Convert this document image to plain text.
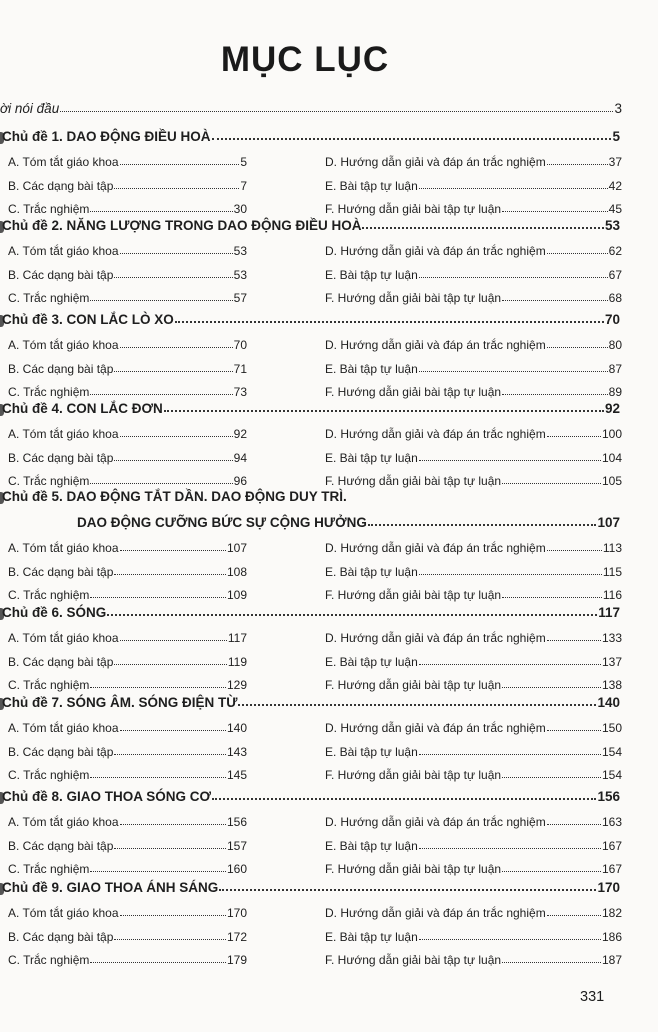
MỤC LỤC
ời nói đầu	3
Chủ đề 1. DAO ĐỘNG ĐIỀU HOÀ	5
A. Tóm tắt giáo khoa	5
B. Các dạng bài tập	7
C. Trắc nghiệm	30
D. Hướng dẫn giải và đáp án trắc nghiệm	37
E. Bài tập tự luận	42
F. Hướng dẫn giải bài tập tự luận	45
Chủ đề 2. NĂNG LƯỢNG TRONG DAO ĐỘNG ĐIỀU HOÀ	53
A. Tóm tắt giáo khoa	53
B. Các dạng bài tập	53
C. Trắc nghiệm	57
D. Hướng dẫn giải và đáp án trắc nghiệm	62
E. Bài tập tự luận	67
F. Hướng dẫn giải bài tập tự luận	68
Chủ đề 3. CON LẮC LÒ XO	70
A. Tóm tắt giáo khoa	70
B. Các dạng bài tập	71
C. Trắc nghiệm	73
D. Hướng dẫn giải và đáp án trắc nghiệm	80
E. Bài tập tự luận	87
F. Hướng dẫn giải bài tập tự luận	89
Chủ đề 4. CON LẮC ĐƠN	92
A. Tóm tắt giáo khoa	92
B. Các dạng bài tập	94
C. Trắc nghiệm	96
D. Hướng dẫn giải và đáp án trắc nghiệm	100
E. Bài tập tự luận	104
F. Hướng dẫn giải bài tập tự luận	105
Chủ đề 5. DAO ĐỘNG TẮT DẦN. DAO ĐỘNG DUY TRÌ.
DAO ĐỘNG CƯỠNG BỨC SỰ CỘNG HƯỞNG	107
A. Tóm tắt giáo khoa	107
B. Các dạng bài tập	108
C. Trắc nghiệm	109
D. Hướng dẫn giải và đáp án trắc nghiệm	113
E. Bài tập tự luận	115
F. Hướng dẫn giải bài tập tự luận	116
Chủ đề 6. SÓNG	117
A. Tóm tắt giáo khoa	117
B. Các dạng bài tập	119
C. Trắc nghiệm	129
D. Hướng dẫn giải và đáp án trắc nghiệm	133
E. Bài tập tự luận	137
F. Hướng dẫn giải bài tập tự luận	138
Chủ đề 7. SÓNG ÂM. SÓNG ĐIỆN TỪ	140
A. Tóm tắt giáo khoa	140
B. Các dạng bài tập	143
C. Trắc nghiệm	145
D. Hướng dẫn giải và đáp án trắc nghiệm	150
E. Bài tập tự luận	154
F. Hướng dẫn giải bài tập tự luận	154
Chủ đề 8. GIAO THOA SÓNG CƠ	156
A. Tóm tắt giáo khoa	156
B. Các dạng bài tập	157
C. Trắc nghiệm	160
D. Hướng dẫn giải và đáp án trắc nghiệm	163
E. Bài tập tự luận	167
F. Hướng dẫn giải bài tập tự luận	167
Chủ đề 9. GIAO THOA ÁNH SÁNG	170
A. Tóm tắt giáo khoa	170
B. Các dạng bài tập	172
C. Trắc nghiệm	179
D. Hướng dẫn giải và đáp án trắc nghiệm	182
E. Bài tập tự luận	186
F. Hướng dẫn giải bài tập tự luận	187
331
